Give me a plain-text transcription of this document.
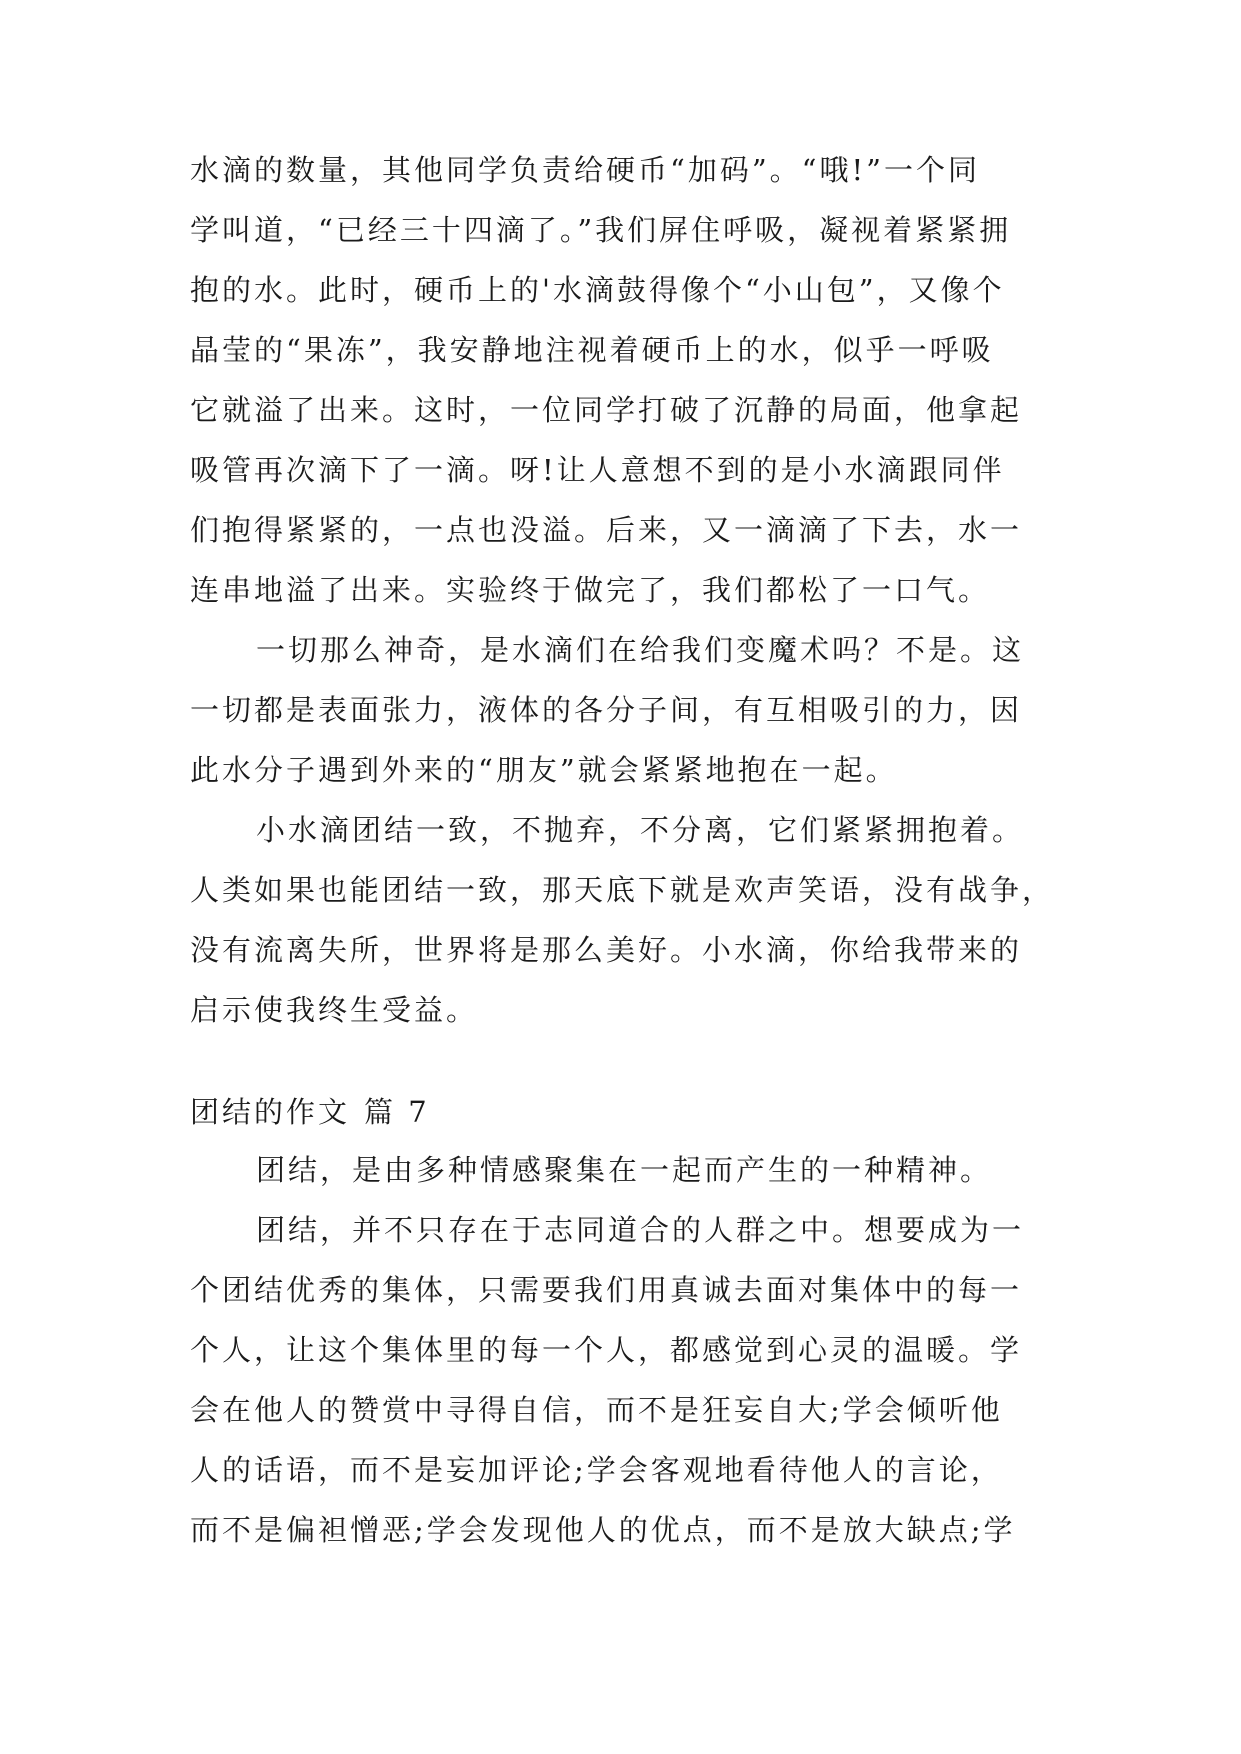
水滴的数量，其他同学负责给硬币“加码”。“哦!”一个同
学叫道，“已经三十四滴了。”我们屏住呼吸，凝视着紧紧拥
抱的水。此时，硬币上的'水滴鼓得像个“小山包”，又像个
晶莹的“果冻”，我安静地注视着硬币上的水，似乎一呼吸
它就溢了出来。这时，一位同学打破了沉静的局面，他拿起
吸管再次滴下了一滴。呀!让人意想不到的是小水滴跟同伴
们抱得紧紧的，一点也没溢。后来，又一滴滴了下去，水一
连串地溢了出来。实验终于做完了，我们都松了一口气。
一切那么神奇，是水滴们在给我们变魔术吗？不是。这
一切都是表面张力，液体的各分子间，有互相吸引的力，因
此水分子遇到外来的“朋友”就会紧紧地抱在一起。
小水滴团结一致，不抛弃，不分离，它们紧紧拥抱着。
人类如果也能团结一致，那天底下就是欢声笑语，没有战争，
没有流离失所，世界将是那么美好。小水滴，你给我带来的
启示使我终生受益。
团结的作文 篇 7
团结，是由多种情感聚集在一起而产生的一种精神。
团结，并不只存在于志同道合的人群之中。想要成为一
个团结优秀的集体，只需要我们用真诚去面对集体中的每一
个人，让这个集体里的每一个人，都感觉到心灵的温暖。学
会在他人的赞赏中寻得自信，而不是狂妄自大;学会倾听他
人的话语，而不是妄加评论;学会客观地看待他人的言论，
而不是偏袒憎恶;学会发现他人的优点，而不是放大缺点;学
